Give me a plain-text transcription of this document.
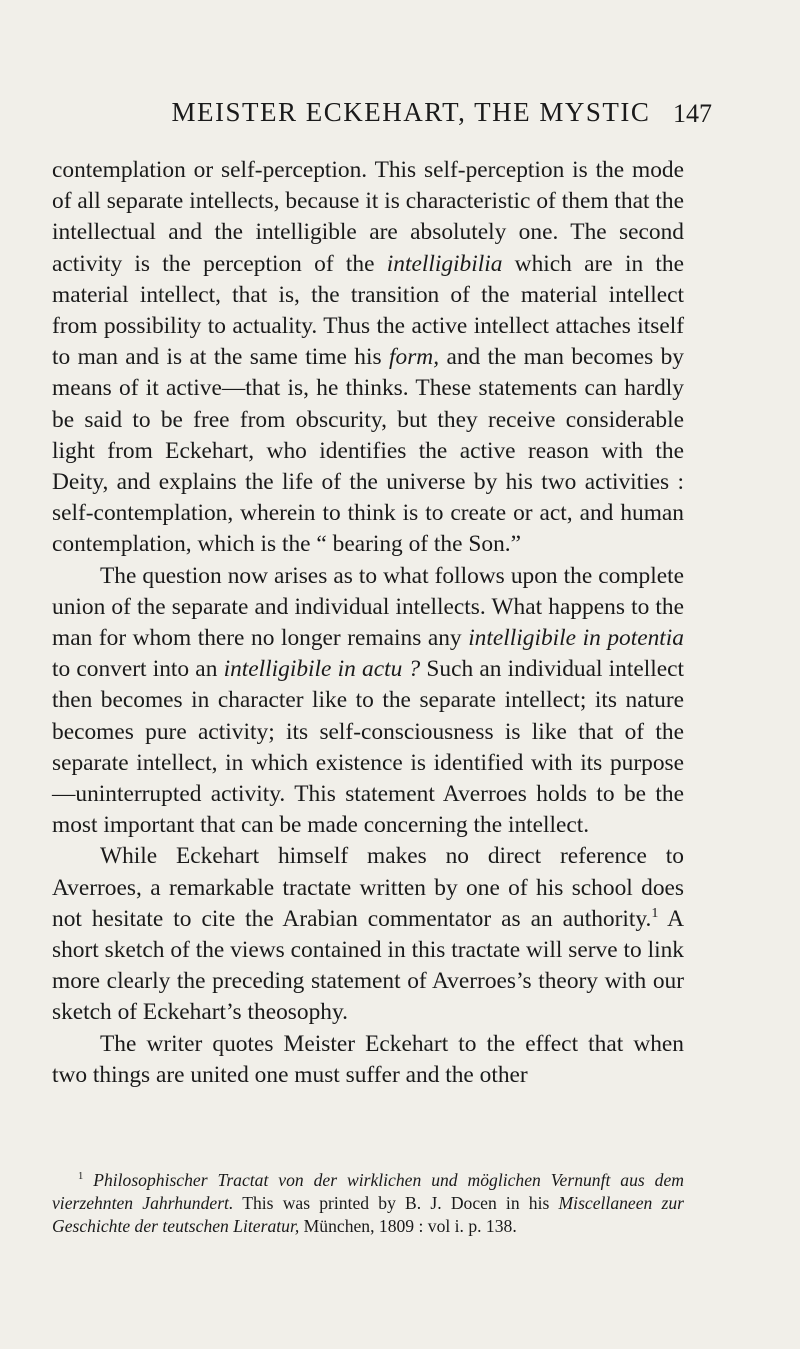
MEISTER ECKEHART, THE MYSTIC 147

contemplation or self-perception. This self-perception is the mode of all separate intellects, because it is characteristic of them that the intellectual and the intelligible are absolutely one. The second activity is the perception of the intelligibilia which are in the material intellect, that is, the transition of the material intellect from possibility to actuality. Thus the active intellect attaches itself to man and is at the same time his form, and the man becomes by means of it active—that is, he thinks. These statements can hardly be said to be free from obscurity, but they receive considerable light from Eckehart, who identifies the active reason with the Deity, and explains the life of the universe by his two activities : self-contemplation, wherein to think is to create or act, and human contemplation, which is the “ bearing of the Son.”

The question now arises as to what follows upon the complete union of the separate and individual intellects. What happens to the man for whom there no longer remains any intelligibile in potentia to convert into an intelligibile in actu ? Such an individual intellect then becomes in character like to the separate intellect; its nature becomes pure activity; its self-consciousness is like that of the separate intellect, in which existence is identified with its purpose —uninterrupted activity. This statement Averroes holds to be the most important that can be made concerning the intellect.

While Eckehart himself makes no direct reference to Averroes, a remarkable tractate written by one of his school does not hesitate to cite the Arabian commentator as an authority.$^1$ A short sketch of the views contained in this tractate will serve to link more clearly the preceding statement of Averroes’s theory with our sketch of Eckehart’s theosophy.

The writer quotes Meister Eckehart to the effect that when two things are united one must suffer and the other

$^1$ Philosophischer Tractat von der wirklichen und möglichen Vernunft aus dem vierzehnten Jahrhundert. This was printed by B. J. Docen in his Miscellaneen zur Geschichte der teutschen Literatur, München, 1809 : vol i. p. 138.
